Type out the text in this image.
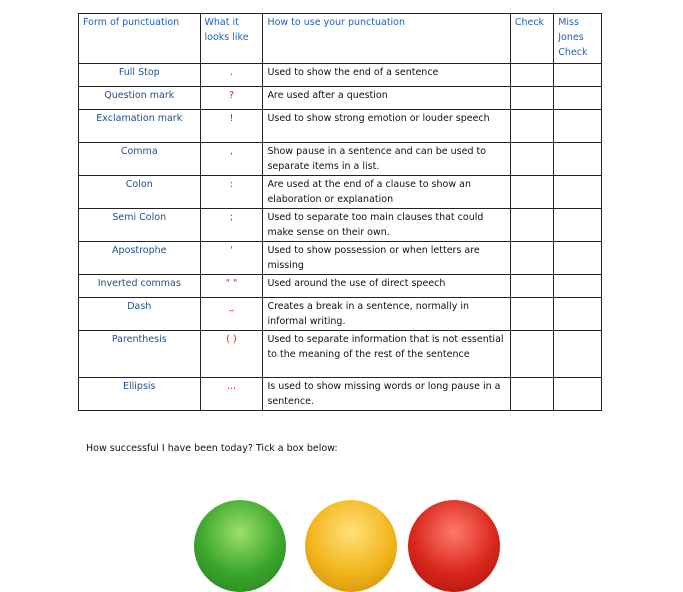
Form of punctuation	What it looks like	How to use your punctuation	Check	Miss Jones Check
Full Stop	.	Used to show the end of a sentence		
Question mark	?	Are used after a question		
Exclamation mark	!	Used to show strong emotion or louder speech		
Comma	,	Show pause in a sentence and can be used to separate items in a list.		
Colon	:	Are used at the end of a clause to show an elaboration or explanation		
Semi Colon	;	Used to separate too main clauses that could make sense on their own.		
Apostrophe	'	Used to show possession or when letters are missing		
Inverted commas	" "	Used around the use of direct speech		
Dash	_	Creates a break in a sentence, normally in informal writing.		
Parenthesis	( )	Used to separate information that is not essential to the meaning of the rest of the sentence		
Ellipsis	...	Is used to show missing words or long pause in a sentence.		
How successful I have been today? Tick a box below:
